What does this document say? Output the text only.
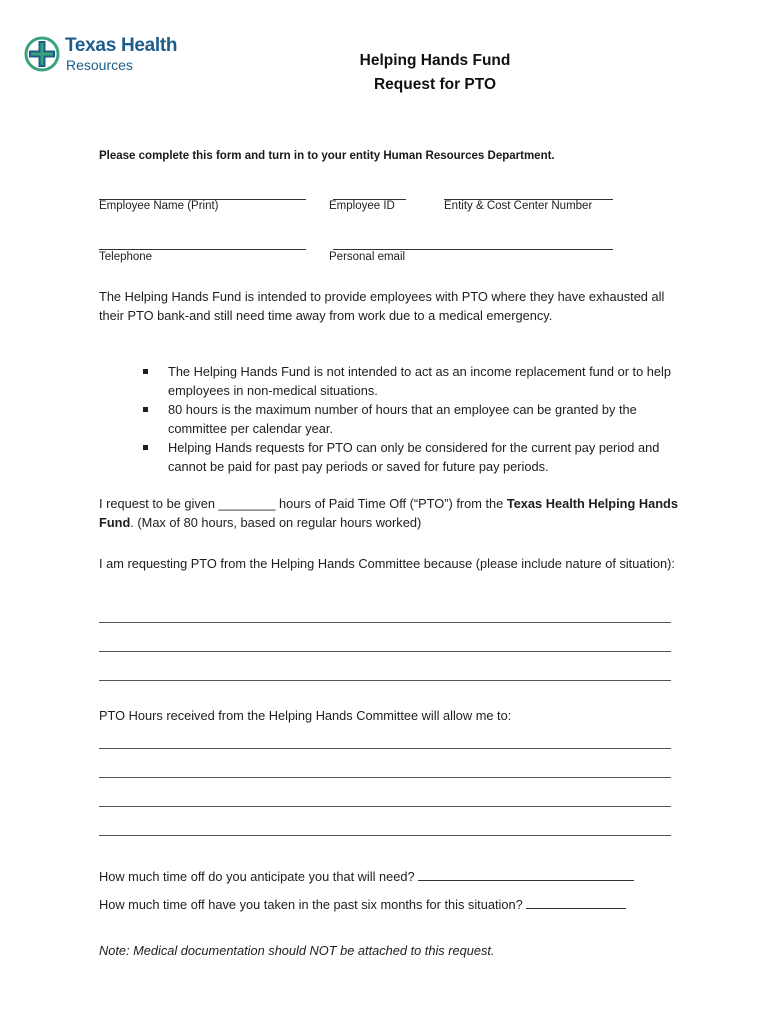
Texas Health
Resources	Helping Hands Fund
Request for PTO
Please complete this form and turn in to your entity Human Resources Department.
Employee Name (Print)	Employee ID	Entity & Cost Center Number
Telephone	Personal email
The Helping Hands Fund is intended to provide employees with PTO where they have exhausted all their PTO bank-and still need time away from work due to a medical emergency.
The Helping Hands Fund is not intended to act as an income replacement fund or to help employees in non-medical situations.
80 hours is the maximum number of hours that an employee can be granted by the committee per calendar year.
Helping Hands requests for PTO can only be considered for the current pay period and cannot be paid for past pay periods or saved for future pay periods.
I request to be given ________ hours of Paid Time Off (“PTO”) from the Texas Health Helping Hands Fund. (Max of 80 hours, based on regular hours worked)
I am requesting PTO from the Helping Hands Committee because (please include nature of situation):
PTO Hours received from the Helping Hands Committee will allow me to:
How much time off do you anticipate you that will need?
How much time off have you taken in the past six months for this situation?
Note: Medical documentation should NOT be attached to this request.
